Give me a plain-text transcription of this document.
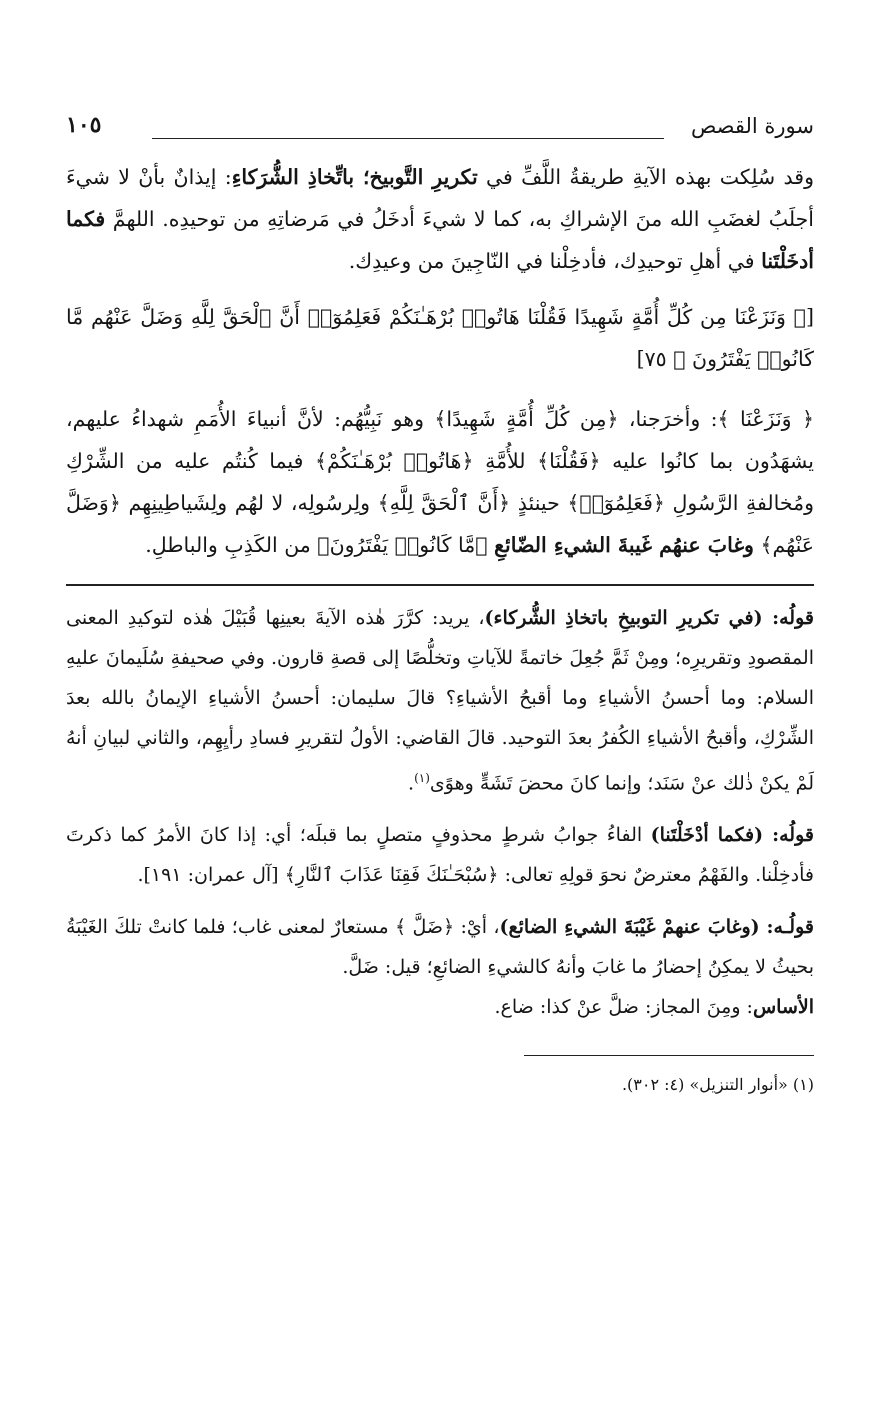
سورة القصص
١٠٥

وقد سُلِكت بهذه الآيةِ طريقةُ اللَّفِّ في تكريرِ التَّوبيخ؛ باتِّخاذِ الشُّرَكاءِ: إيذانٌ بأنْ لا شيءَ أجلَبُ لغضَبِ الله منَ الإشراكِ به، كما لا شيءَ أدخَلُ في مَرضاتِهِ من توحيدِه. اللهمَّ فكما أدخَلْتَنا في أهلِ توحيدِك، فأدخِلْنا في النّاجِينَ من وعيدِك.

[﴿ وَنَزَعْنَا مِن كُلِّ أُمَّةٍ شَهِيدًا فَقُلْنَا هَاتُوا۟ بُرْهَـٰنَكُمْ فَعَلِمُوٓا۟ أَنَّ ٱلْحَقَّ لِلَّهِ وَضَلَّ عَنْهُم مَّا كَانُوا۟ يَفْتَرُونَ ﴾ ٧٥]

﴿ وَنَزَعْنَا ﴾: وأخرَجنا، ﴿مِن كُلِّ أُمَّةٍ شَهِيدًا﴾ وهو نَبِيُّهُم: لأنَّ أنبياءَ الأُمَمِ شهداءُ عليهم، يشهَدُون بما كانُوا عليه ﴿فَقُلْنَا﴾ للأُمَّةِ ﴿هَاتُوا۟ بُرْهَـٰنَكُمْ﴾ فيما كُنتُم عليه من الشِّرْكِ ومُخالفةِ الرَّسُولِ ﴿فَعَلِمُوٓا۟﴾ حينئذٍ ﴿أَنَّ ٱلْحَقَّ لِلَّهِ﴾ ولِرسُولِه، لا لهُم ولِشَياطِينِهِم ﴿وَضَلَّ عَنْهُم﴾ وغابَ عنهُم غَيبةَ الشيءِ الضّائعِ ﴿مَّا كَانُوا۟ يَفْتَرُونَ﴾ من الكَذِبِ والباطلِ.

قولُه: (في تكريرِ التوبيخِ باتخاذِ الشُّركاء)، يريد: كرَّرَ هٰذه الآيةَ بعينِها قُبَيْلَ هٰذه لتوكيدِ المعنى المقصودِ وتقريرِه؛ ومِنْ ثَمَّ جُعِلَ خاتمةً للآياتِ وتخلُّصًا إلى قصةِ قارون. وفي صحيفةِ سُلَيمانَ عليهِ السلام: وما أحسنُ الأشياءِ وما أقبحُ الأشياءِ؟ قالَ سليمان: أحسنُ الأشياءِ الإيمانُ بالله بعدَ الشِّرْكِ، وأقبحُ الأشياءِ الكُفرُ بعدَ التوحيد. قالَ القاضي: الأولُ لتقريرِ فسادِ رأيِهِم، والثاني لبيانِ أنهُ لَمْ يكنْ ذٰلك عنْ سَنَد؛ وإنما كانَ محضَ تَشَهٍّ وهوًى$^{(١)}$.

قولُه: (فكما أدْخَلْتَنا) الفاءُ جوابُ شرطٍ محذوفٍ متصلٍ بما قبلَه؛ أي: إذا كانَ الأمرُ كما ذكرتَ فأدخِلْنا. والفَهْمُ معترضٌ نحوَ قولِهِ تعالى: ﴿سُبْحَـٰنَكَ فَقِنَا عَذَابَ ٱلنَّارِ﴾ [آل عمران: ١٩١].

قولُـه: (وغابَ عنهمْ غَيْبَةَ الشيءِ الضائع)، أيْ: ﴿ضَلَّ ﴾ مستعارٌ لمعنى غاب؛ فلما كانتْ تلكَ الغَيْبَةُ بحيثُ لا يمكِنُ إحضارُ ما غابَ وأنهُ كالشيءِ الضائعِ؛ قيل: ضَلَّ.
الأساس: ومِنَ المجاز: ضلَّ عنْ كذا: ضاع.

(١) «أنوار التنزيل» (٤: ٣٠٢).
